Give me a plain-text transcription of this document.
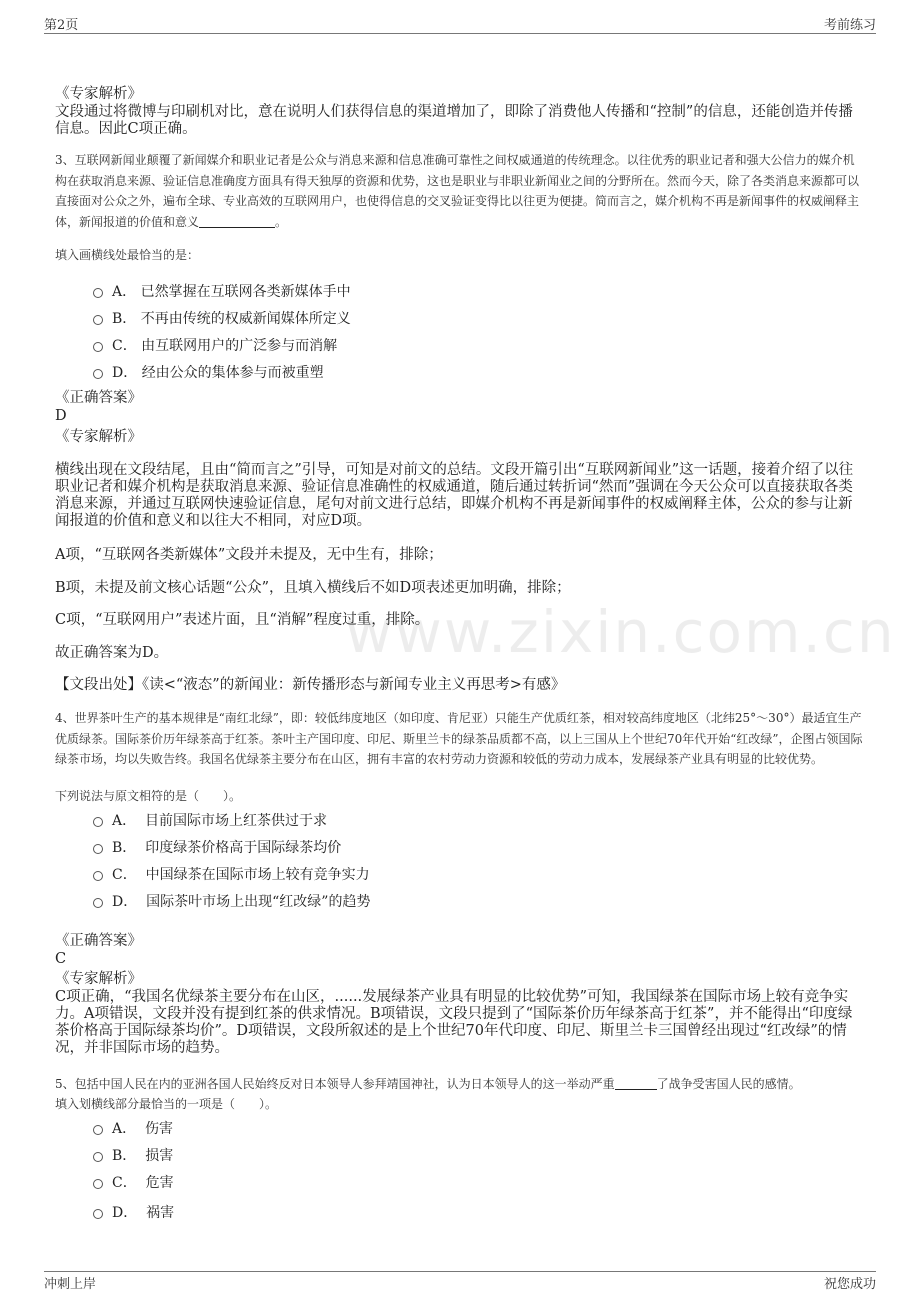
第2页	考前练习
《专家解析》
文段通过将微博与印刷机对比，意在说明人们获得信息的渠道增加了，即除了消费他人传播和“控制”的信息，还能创造并传播信息。因此C项正确。
3、互联网新闻业颠覆了新闻媒介和职业记者是公众与消息来源和信息准确可靠性之间权威通道的传统理念。以往优秀的职业记者和强大公信力的媒介机构在获取消息来源、验证信息准确度方面具有得天独厚的资源和优势，这也是职业与非职业新闻业之间的分野所在。然而今天，除了各类消息来源都可以直接面对公众之外，遍布全球、专业高效的互联网用户，也使得信息的交叉验证变得比以往更为便捷。简而言之，媒介机构不再是新闻事件的权威阐释主体，新闻报道的价值和意义	。
填入画横线处最恰当的是：
A． 已然掌握在互联网各类新媒体手中
B． 不再由传统的权威新闻媒体所定义
C． 由互联网用户的广泛参与而消解
D． 经由公众的集体参与而被重塑
《正确答案》
D
《专家解析》
横线出现在文段结尾，且由“简而言之”引导，可知是对前文的总结。文段开篇引出“互联网新闻业”这一话题，接着介绍了以往职业记者和媒介机构是获取消息来源、验证信息准确性的权威通道，随后通过转折词“然而”强调在今天公众可以直接获取各类消息来源，并通过互联网快速验证信息，尾句对前文进行总结，即媒介机构不再是新闻事件的权威阐释主体，公众的参与让新闻报道的价值和意义和以往大不相同，对应D项。
A项，“互联网各类新媒体”文段并未提及，无中生有，排除；
B项，未提及前文核心话题“公众”，且填入横线后不如D项表述更加明确，排除；
C项，“互联网用户”表述片面，且“消解”程度过重，排除。
故正确答案为D。
【文段出处】《读<“液态”的新闻业：新传播形态与新闻专业主义再思考>有感》
4、世界茶叶生产的基本规律是“南红北绿”，即：较低纬度地区（如印度、肯尼亚）只能生产优质红茶，相对较高纬度地区（北纬25°～30°）最适宜生产优质绿茶。国际茶价历年绿茶高于红茶。茶叶主产国印度、印尼、斯里兰卡的绿茶品质都不高，以上三国从上个世纪70年代开始“红改绿”，企图占领国际绿茶市场，均以失败告终。我国名优绿茶主要分布在山区，拥有丰富的农村劳动力资源和较低的劳动力成本，发展绿茶产业具有明显的比较优势。
下列说法与原文相符的是（　　）。
A． 目前国际市场上红茶供过于求
B． 印度绿茶价格高于国际绿茶均价
C． 中国绿茶在国际市场上较有竞争实力
D． 国际茶叶市场上出现“红改绿”的趋势
《正确答案》
C
《专家解析》
C项正确，“我国名优绿茶主要分布在山区，......发展绿茶产业具有明显的比较优势”可知，我国绿茶在国际市场上较有竞争实力。A项错误，文段并没有提到红茶的供求情况。B项错误，文段只提到了“国际茶价历年绿茶高于红茶”，并不能得出“印度绿茶价格高于国际绿茶均价”。D项错误，文段所叙述的是上个世纪70年代印度、印尼、斯里兰卡三国曾经出现过“红改绿”的情况，并非国际市场的趋势。
5、包括中国人民在内的亚洲各国人民始终反对日本领导人参拜靖国神社，认为日本领导人的这一举动严重	了战争受害国人民的感情。
填入划横线部分最恰当的一项是（　　）。
A． 伤害
B． 损害
C． 危害
D． 祸害
www.zixin.com.cn
冲刺上岸	祝您成功
